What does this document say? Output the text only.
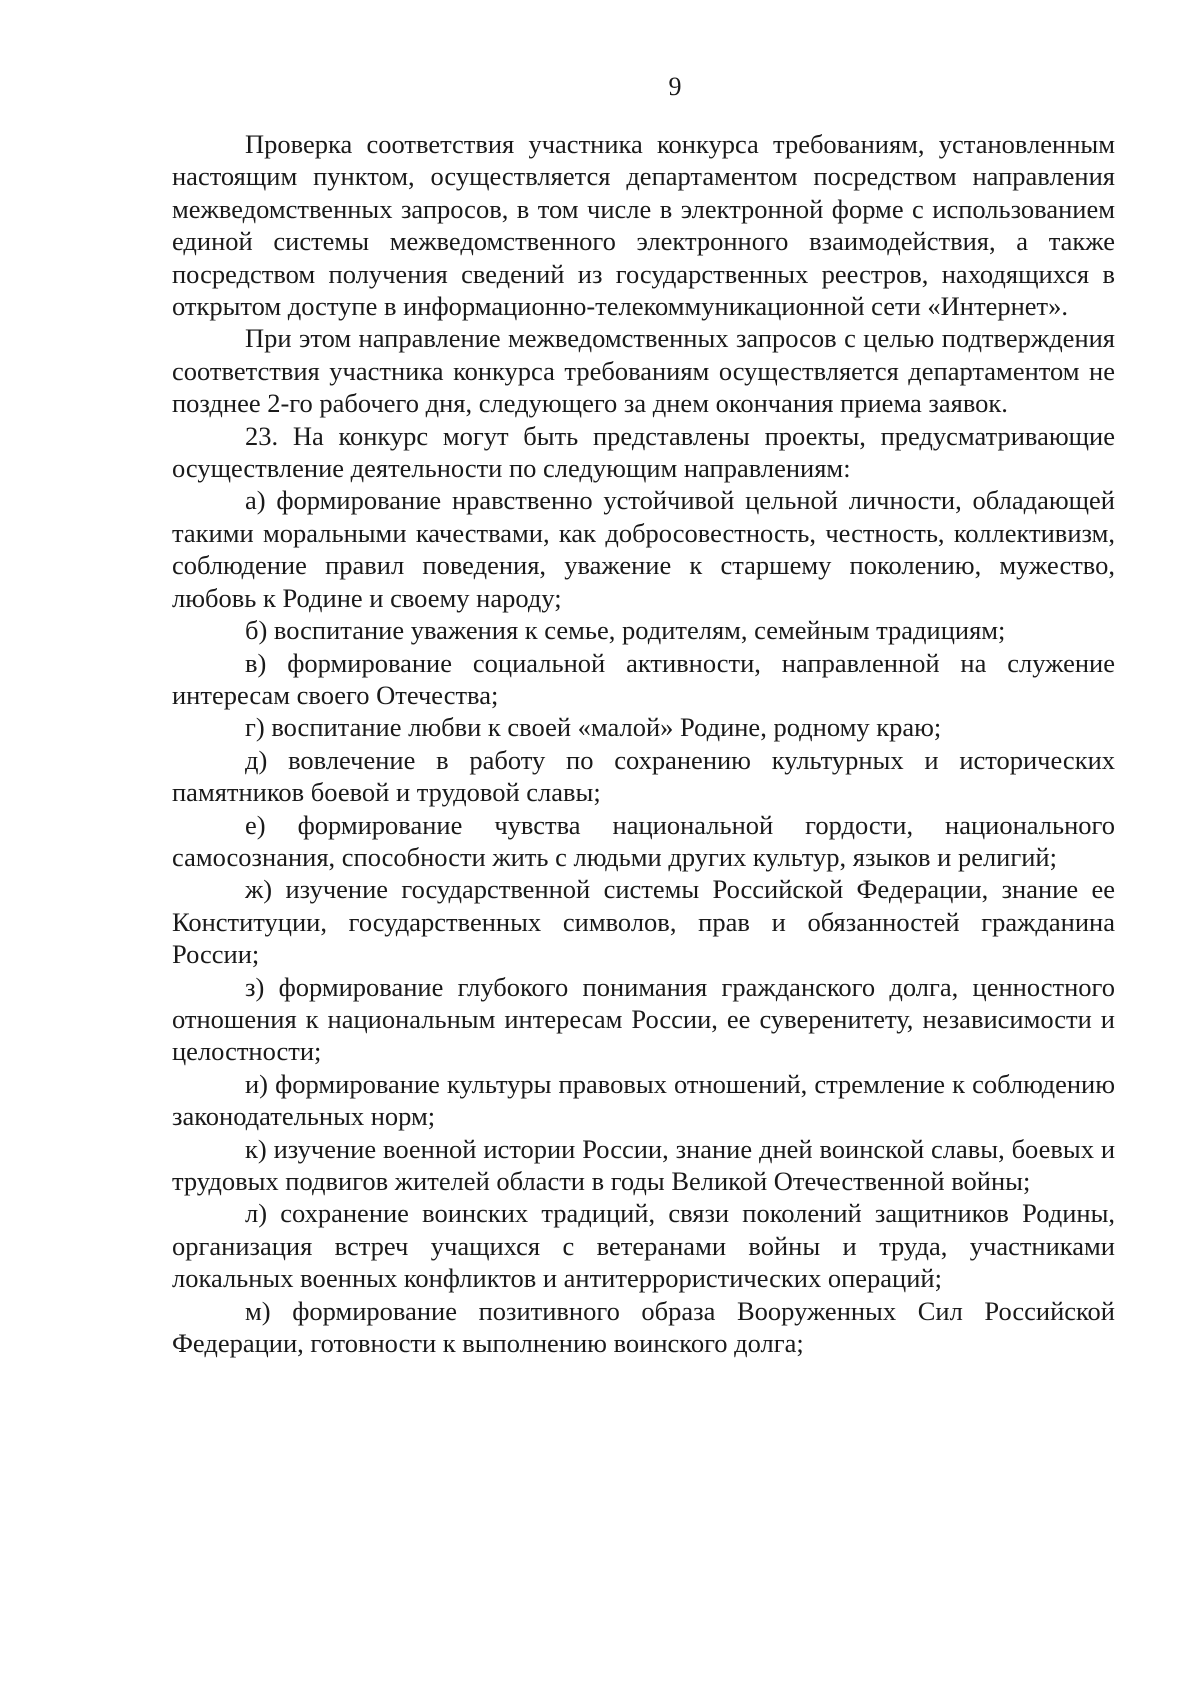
9

Проверка соответствия участника конкурса требованиям, установленным настоящим пунктом, осуществляется департаментом посредством направления межведомственных запросов, в том числе в электронной форме с использованием единой системы межведомственного электронного взаимодействия, а также посредством получения сведений из государственных реестров, находящихся в открытом доступе в информационно-телекоммуникационной сети «Интернет».

При этом направление межведомственных запросов с целью подтверждения соответствия участника конкурса требованиям осуществляется департаментом не позднее 2-го рабочего дня, следующего за днем окончания приема заявок.

23. На конкурс могут быть представлены проекты, предусматривающие осуществление деятельности по следующим направлениям:

а) формирование нравственно устойчивой цельной личности, обладающей такими моральными качествами, как добросовестность, честность, коллективизм, соблюдение правил поведения, уважение к старшему поколению, мужество, любовь к Родине и своему народу;

б) воспитание уважения к семье, родителям, семейным традициям;

в) формирование социальной активности, направленной на служение интересам своего Отечества;

г) воспитание любви к своей «малой» Родине, родному краю;

д) вовлечение в работу по сохранению культурных и исторических памятников боевой и трудовой славы;

е) формирование чувства национальной гордости, национального самосознания, способности жить с людьми других культур, языков и религий;

ж) изучение государственной системы Российской Федерации, знание ее Конституции, государственных символов, прав и обязанностей гражданина России;

з) формирование глубокого понимания гражданского долга, ценностного отношения к национальным интересам России, ее суверенитету, независимости и целостности;

и) формирование культуры правовых отношений, стремление к соблюдению законодательных норм;

к) изучение военной истории России, знание дней воинской славы, боевых и трудовых подвигов жителей области в годы Великой Отечественной войны;

л) сохранение воинских традиций, связи поколений защитников Родины, организация встреч учащихся с ветеранами войны и труда, участниками локальных военных конфликтов и антитеррористических операций;

м) формирование позитивного образа Вооруженных Сил Российской Федерации, готовности к выполнению воинского долга;
